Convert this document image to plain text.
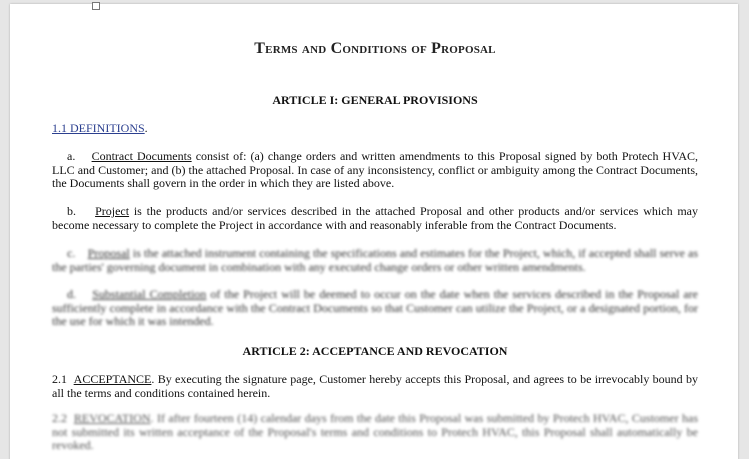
Terms and Conditions of Proposal
ARTICLE I: GENERAL PROVISIONS
1.1 DEFINITIONS.
a. Contract Documents consist of: (a) change orders and written amendments to this Proposal signed by both Protech HVAC, LLC and Customer; and (b) the attached Proposal. In case of any inconsistency, conflict or ambiguity among the Contract Documents, the Documents shall govern in the order in which they are listed above.
b. Project is the products and/or services described in the attached Proposal and other products and/or services which may become necessary to complete the Project in accordance with and reasonably inferable from the Contract Documents.
c. Proposal is the attached instrument containing the specifications and estimates for the Project, which, if accepted shall serve as the parties' governing document in combination with any executed change orders or other written amendments.
d. Substantial Completion of the Project will be deemed to occur on the date when the services described in the Proposal are sufficiently complete in accordance with the Contract Documents so that Customer can utilize the Project, or a designated portion, for the use for which it was intended.
ARTICLE 2: ACCEPTANCE AND REVOCATION
2.1 ACCEPTANCE. By executing the signature page, Customer hereby accepts this Proposal, and agrees to be irrevocably bound by all the terms and conditions contained herein.
2.2 REVOCATION. If after fourteen (14) calendar days from the date this Proposal was submitted by Protech HVAC, Customer has not submitted its written acceptance of the Proposal's terms and conditions to Protech HVAC, this Proposal shall automatically be revoked.
